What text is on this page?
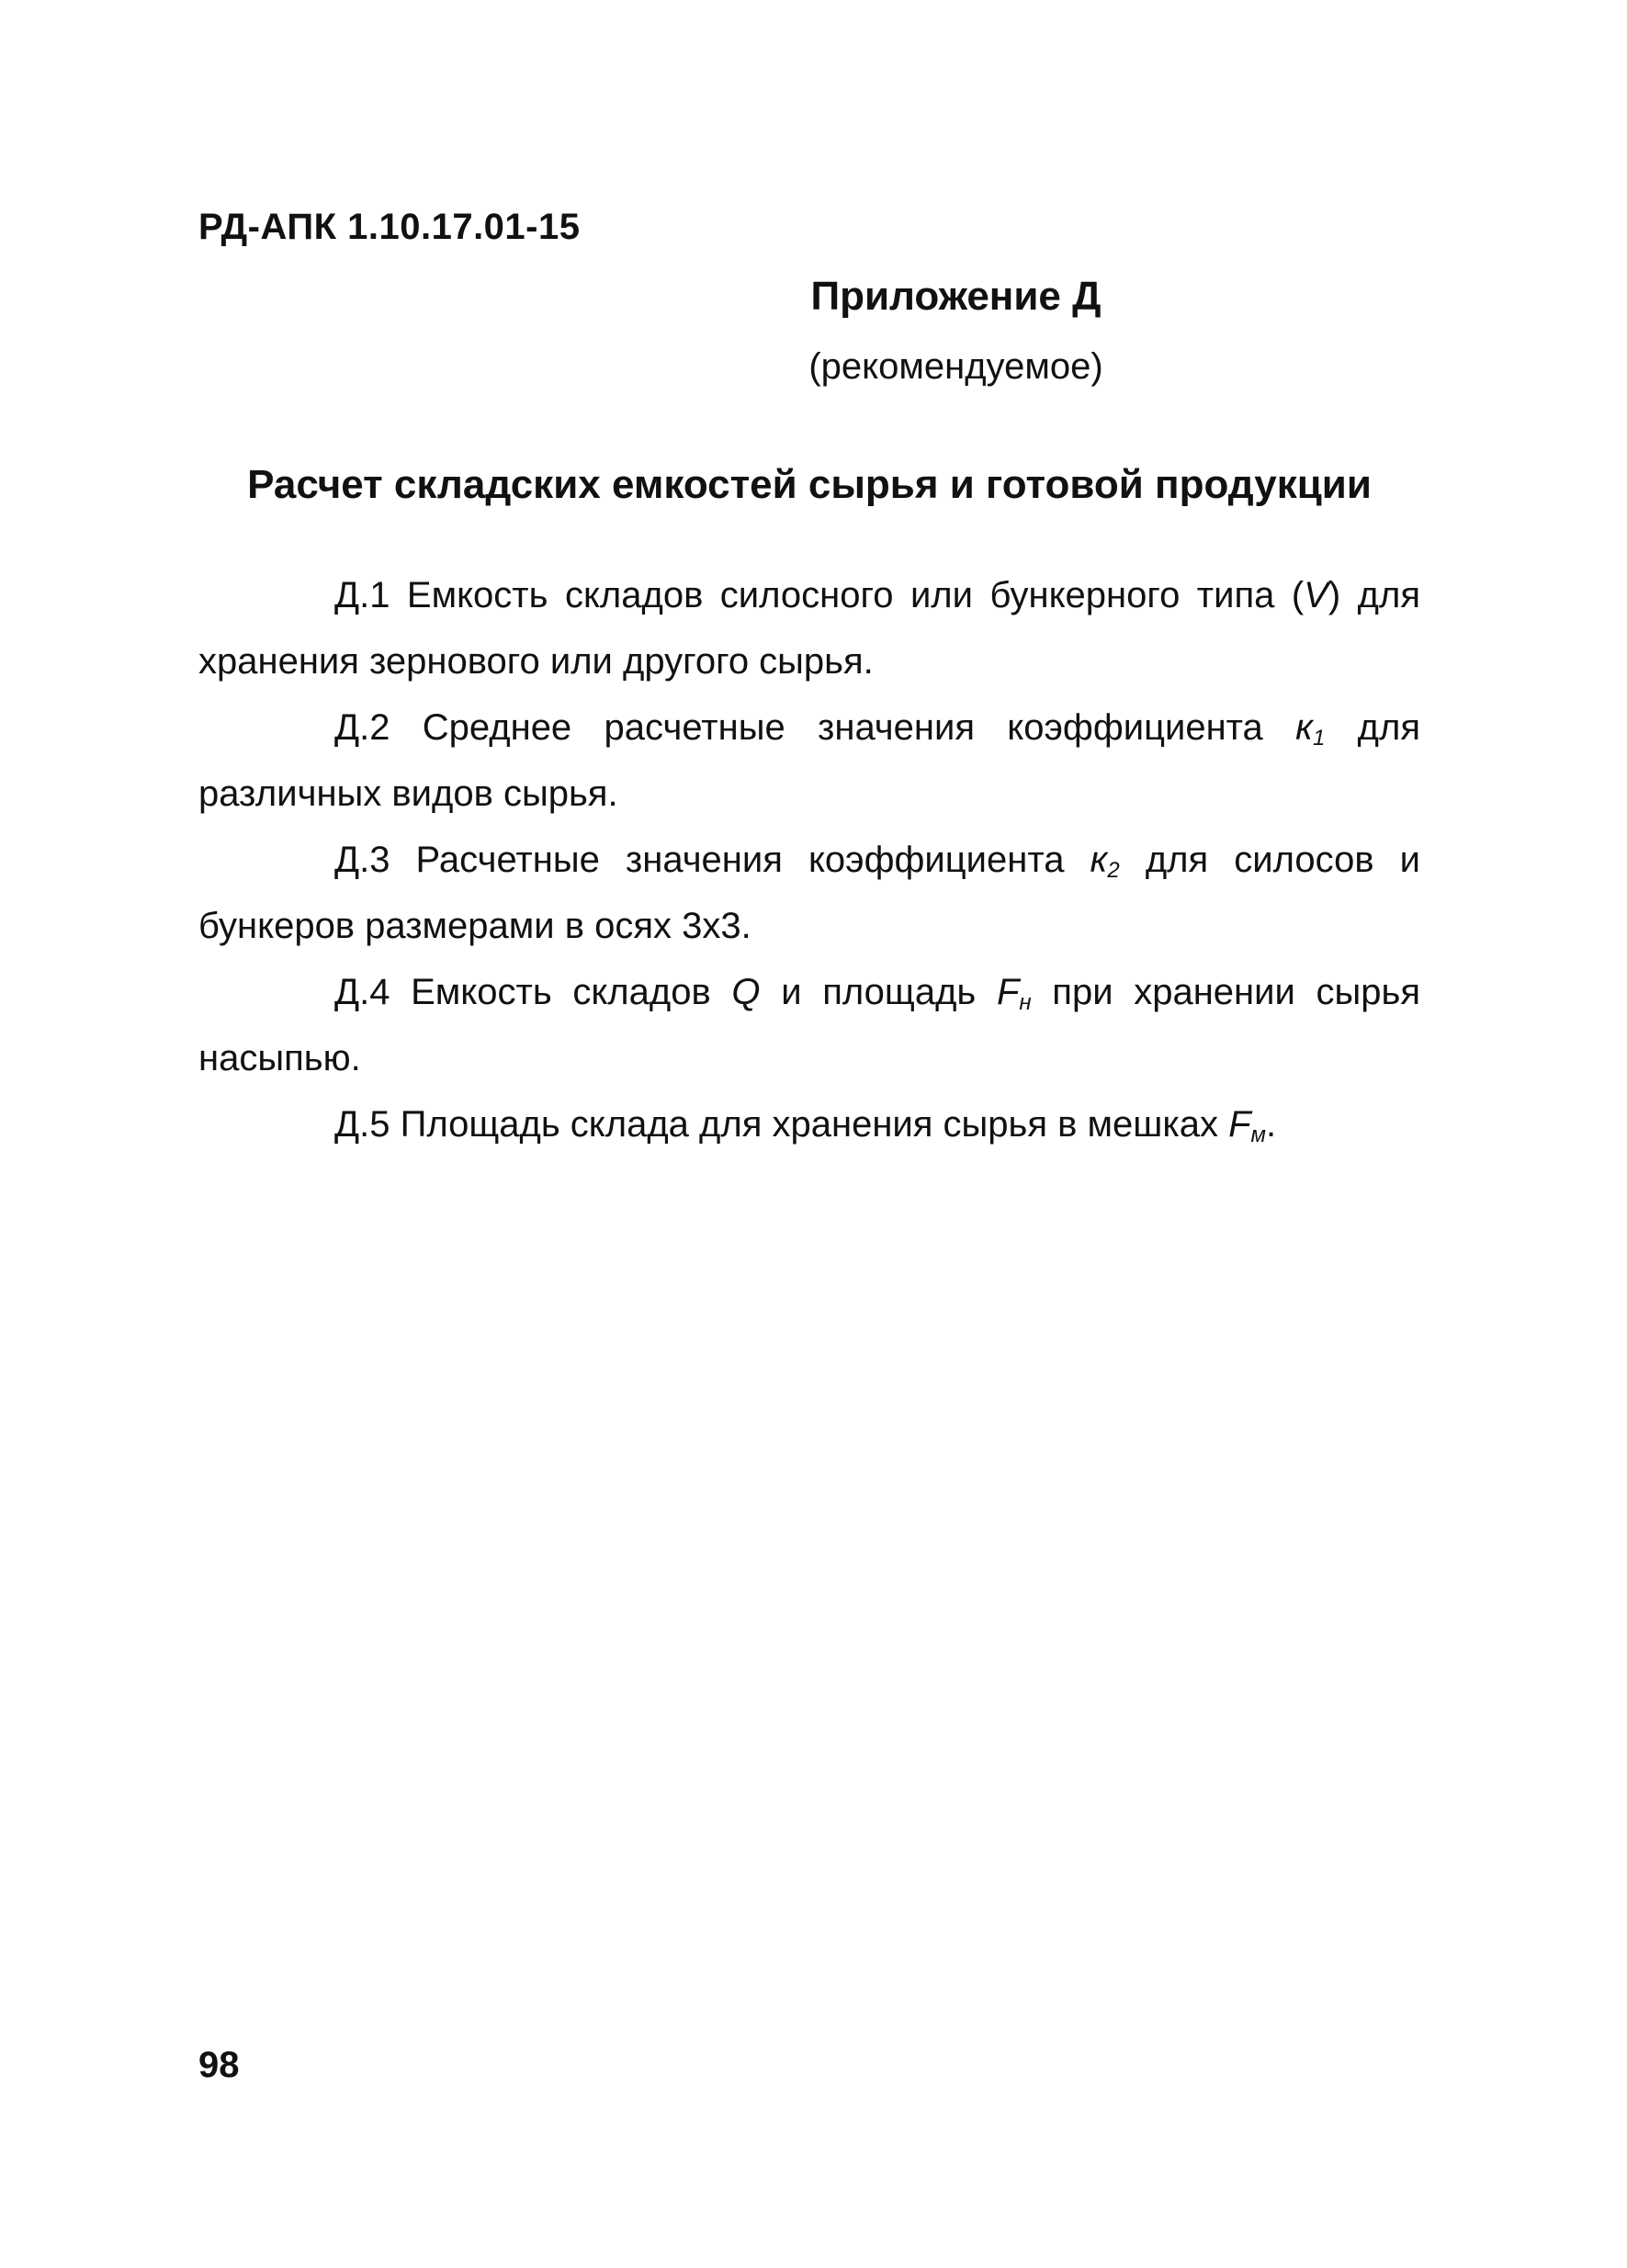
РД-АПК 1.10.17.01-15
Приложение Д
(рекомендуемое)
Расчет складских емкостей сырья и готовой продукции

Д.1 Емкость складов силосного или бункерного типа (V) для хранения зернового или другого сырья.

Д.2 Среднее расчетные значения коэффициента $к_1$ для различных видов сырья.

Д.3 Расчетные значения коэффициента $к_2$ для силосов и бункеров размерами в осях 3х3.

Д.4 Емкость складов Q и площадь $F_н$ при хранении сырья насыпью.

Д.5 Площадь склада для хранения сырья в мешках $F_м$.

98
